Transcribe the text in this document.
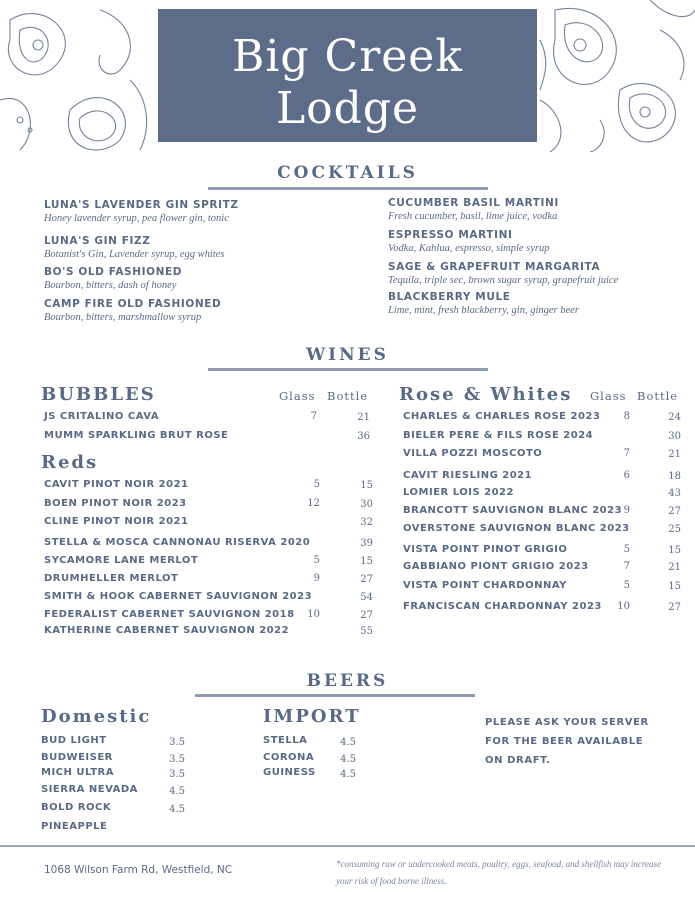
Big Creek
Lodge
COCKTAILS
LUNA'S LAVENDER GIN SPRITZ
Honey lavender syrup, pea flower gin, tonic
LUNA'S GIN FIZZ
Botanist's Gin, Lavender syrup, egg whites
BO'S OLD FASHIONED
Bourbon, bitters, dash of honey
CAMP FIRE OLD FASHIONED
Bourbon, bitters, marshmallow syrup
CUCUMBER BASIL MARTINI
Fresh cucumber, basil, lime juice, vodka
ESPRESSO MARTINI
Vodka, Kahlua, espresso, simple syrup
SAGE & GRAPEFRUIT MARGARITA
Tequila, triple sec, brown sugar syrup, grapefruit juice
BLACKBERRY MULE
Lime, mint, fresh blackberry, gin, ginger beer
WINES
BUBBLES	Glass Bottle
Reds
Rose & Whites Glass Bottle
JS CRITALINO CAVA	7	21
MUMM SPARKLING BRUT ROSE	36
CAVIT PINOT NOIR 2021	5	15
BOEN PINOT NOIR 2023	12	30
CLINE PINOT NOIR 2021	32
STELLA & MOSCA CANNONAU RISERVA 2020	39
SYCAMORE LANE MERLOT	5	15
DRUMHELLER MERLOT	9	27
SMITH & HOOK CABERNET SAUVIGNON 2023	54
FEDERALIST CABERNET SAUVIGNON 2018	10	27
KATHERINE CABERNET SAUVIGNON 2022	55
CHARLES & CHARLES ROSE 2023	8	24
BIELER PERE & FILS ROSE 2024	30
VILLA POZZI MOSCOTO	7	21
CAVIT RIESLING 2021	6	18
LOMIER LOIS 2022	43
BRANCOTT SAUVIGNON BLANC 2023 9	27
OVERSTONE SAUVIGNON BLANC 2023	25
VISTA POINT PINOT GRIGIO	5	15
GABBIANO PIONT GRIGIO 2023	7	21
VISTA POINT CHARDONNAY	5	15
FRANCISCAN CHARDONNAY 2023	10	27
BEERS
Domestic	IMPORT
BUD LIGHT	3.5
BUDWEISER	3.5
MICH ULTRA	3.5
SIERRA NEVADA	4.5
BOLD ROCK	4.5
PINEAPPLE
STELLA	4.5
CORONA	4.5
GUINESS	4.5
PLEASE ASK YOUR SERVER FOR THE BEER AVAILABLE ON DRAFT.
1068 Wilson Farm Rd, Westfield, NC	*consuming raw or undercooked meats, poultry, eggs, seafood, and shellfish may increase your risk of food borne illness.
